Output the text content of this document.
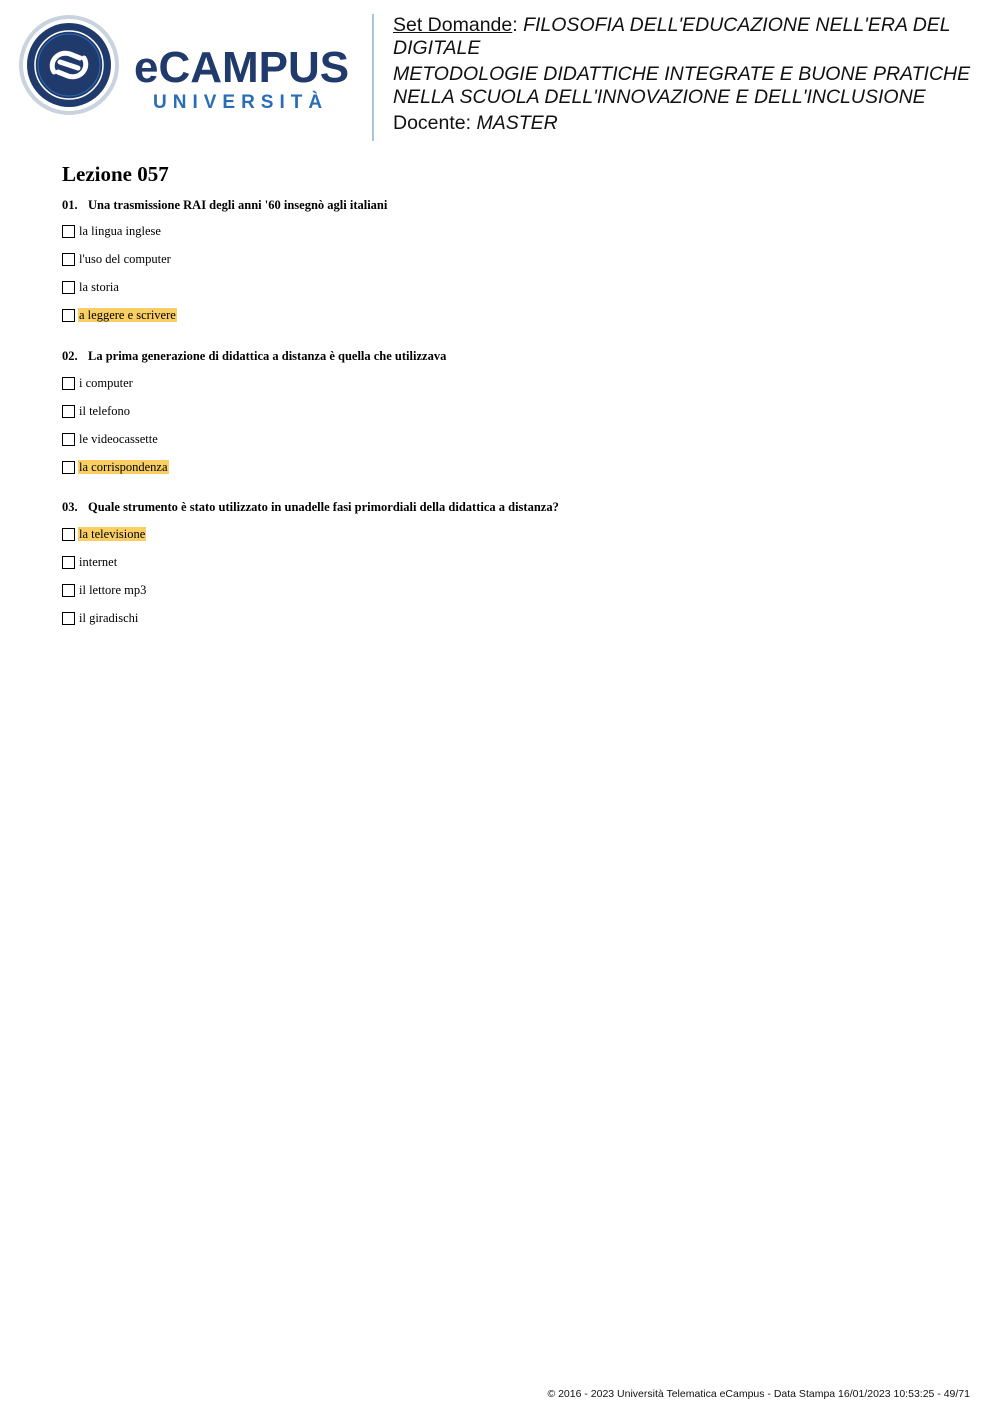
eCAMPUS
UNIVERSITÀ
Set Domande: FILOSOFIA DELL'EDUCAZIONE NELL'ERA DEL DIGITALE
METODOLOGIE DIDATTICHE INTEGRATE E BUONE PRATICHE NELLA SCUOLA DELL'INNOVAZIONE E DELL'INCLUSIONE
Docente: MASTER
Lezione 057

01. Una trasmissione RAI degli anni '60 insegnò agli italiani

la lingua inglese
l'uso del computer
la storia
a leggere e scrivere

02. La prima generazione di didattica a distanza è quella che utilizzava

i computer
il telefono
le videocassette
la corrispondenza

03. Quale strumento è stato utilizzato in unadelle fasi primordiali della didattica a distanza?

la televisione
internet
il lettore mp3
il giradischi
© 2016 - 2023 Università Telematica eCampus - Data Stampa 16/01/2023 10:53:25 - 49/71
